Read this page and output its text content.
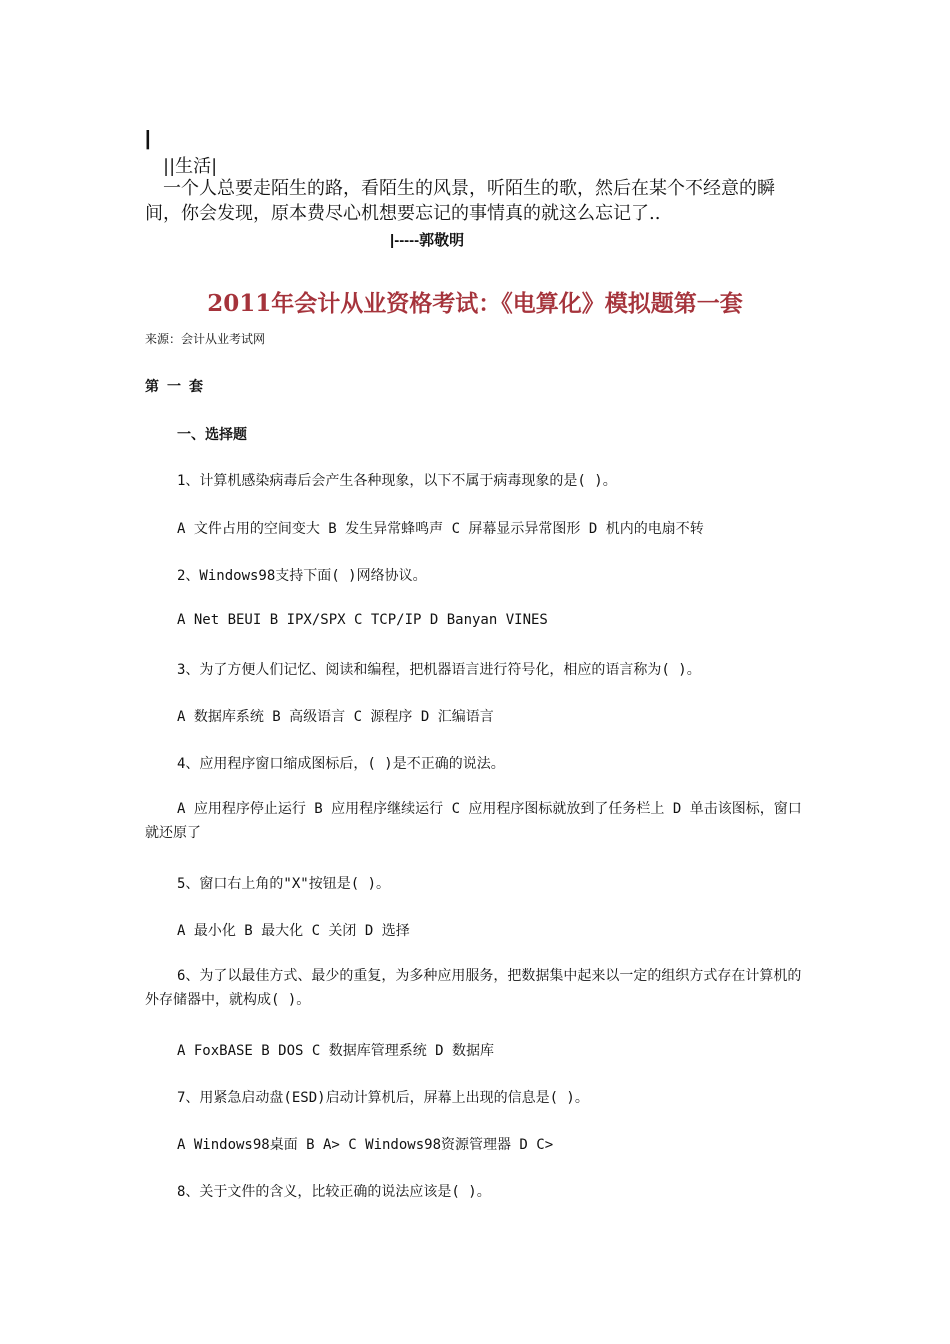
|
||生活|
一个人总要走陌生的路，看陌生的风景，听陌生的歌，然后在某个不经意的瞬间，你会发现，原本费尽心机想要忘记的事情真的就这么忘记了..
|-----郭敬明
2011年会计从业资格考试：《电算化》模拟题第一套
来源：会计从业考试网
第一套
一、选择题
1、计算机感染病毒后会产生各种现象，以下不属于病毒现象的是( )。
A 文件占用的空间变大 B 发生异常蜂鸣声 C 屏幕显示异常图形 D 机内的电扇不转
2、Windows98支持下面( )网络协议。
A Net BEUI B IPX/SPX C TCP/IP D Banyan VINES
3、为了方便人们记忆、阅读和编程，把机器语言进行符号化，相应的语言称为( )。
A 数据库系统 B 高级语言 C 源程序 D 汇编语言
4、应用程序窗口缩成图标后，( )是不正确的说法。
A 应用程序停止运行 B 应用程序继续运行 C 应用程序图标就放到了任务栏上 D 单击该图标，窗口就还原了
5、窗口右上角的"X"按钮是( )。
A 最小化 B 最大化 C 关闭 D 选择
6、为了以最佳方式、最少的重复，为多种应用服务，把数据集中起来以一定的组织方式存在计算机的外存储器中，就构成( )。
A FoxBASE B DOS C 数据库管理系统 D 数据库
7、用紧急启动盘(ESD)启动计算机后，屏幕上出现的信息是( )。
A Windows98桌面 B A> C Windows98资源管理器 D C>
8、关于文件的含义，比较正确的说法应该是( )。
